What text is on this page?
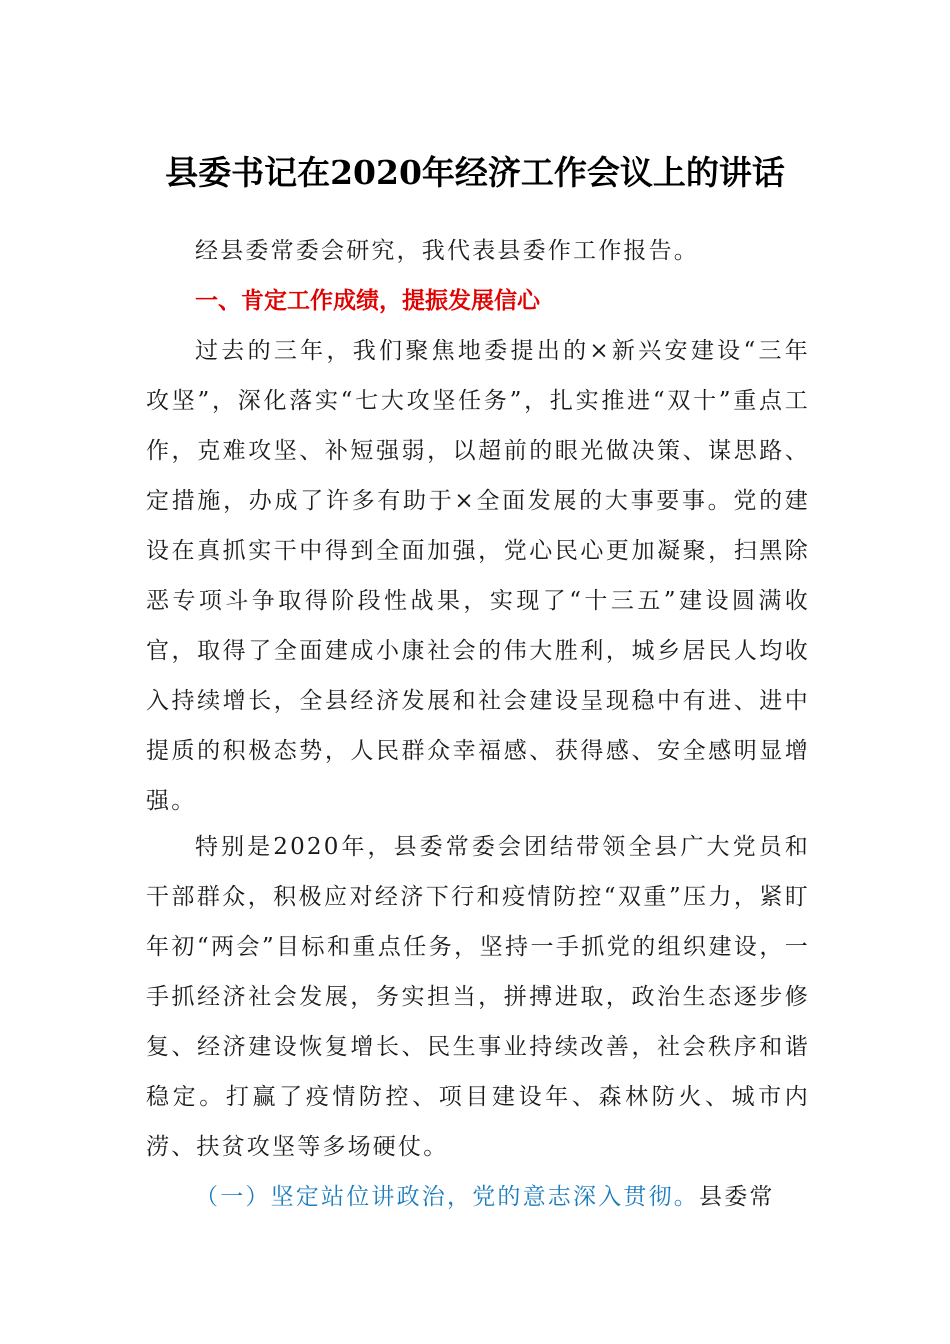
县委书记在2020年经济工作会议上的讲话
经县委常委会研究，我代表县委作工作报告。
一、肯定工作成绩，提振发展信心
过去的三年，我们聚焦地委提出的×新兴安建设“三年攻坚”，深化落实“七大攻坚任务”，扎实推进“双十”重点工作，克难攻坚、补短强弱，以超前的眼光做决策、谋思路、定措施，办成了许多有助于×全面发展的大事要事。党的建设在真抓实干中得到全面加强，党心民心更加凝聚，扫黑除恶专项斗争取得阶段性战果，实现了“十三五”建设圆满收官，取得了全面建成小康社会的伟大胜利，城乡居民人均收入持续增长，全县经济发展和社会建设呈现稳中有进、进中提质的积极态势，人民群众幸福感、获得感、安全感明显增强。
特别是2020年，县委常委会团结带领全县广大党员和干部群众，积极应对经济下行和疫情防控“双重”压力，紧盯年初“两会”目标和重点任务，坚持一手抓党的组织建设，一手抓经济社会发展，务实担当，拼搏进取，政治生态逐步修复、经济建设恢复增长、民生事业持续改善，社会秩序和谐稳定。打赢了疫情防控、项目建设年、森林防火、城市内涝、扶贫攻坚等多场硬仗。
（一）坚定站位讲政治，党的意志深入贯彻。县委常
